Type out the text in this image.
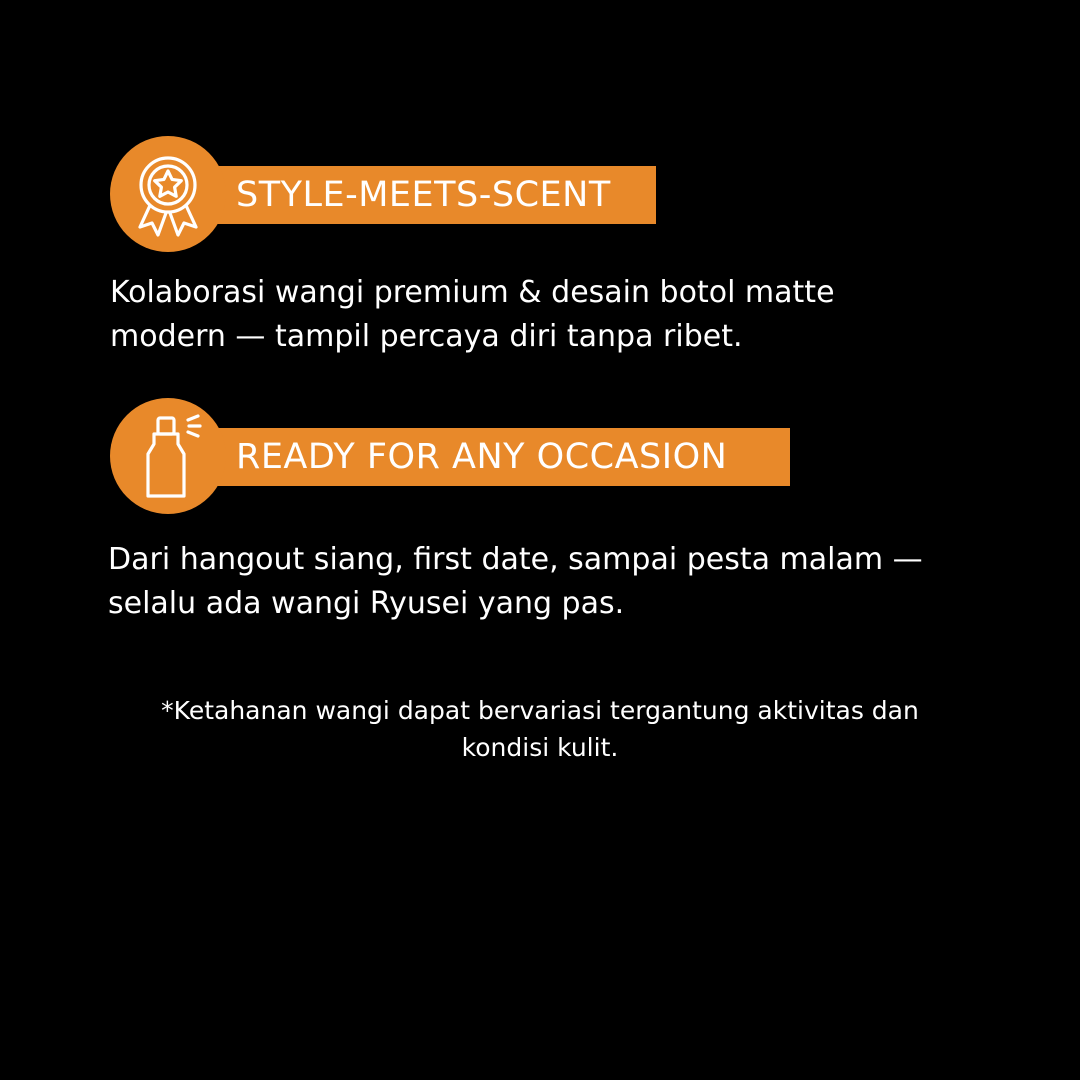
STYLE-MEETS-SCENT

Kolaborasi wangi premium & desain botol matte
modern — tampil percaya diri tanpa ribet.

READY FOR ANY OCCASION

Dari hangout siang, first date, sampai pesta malam —
selalu ada wangi Ryusei yang pas.

*Ketahanan wangi dapat bervariasi tergantung aktivitas dan
kondisi kulit.
